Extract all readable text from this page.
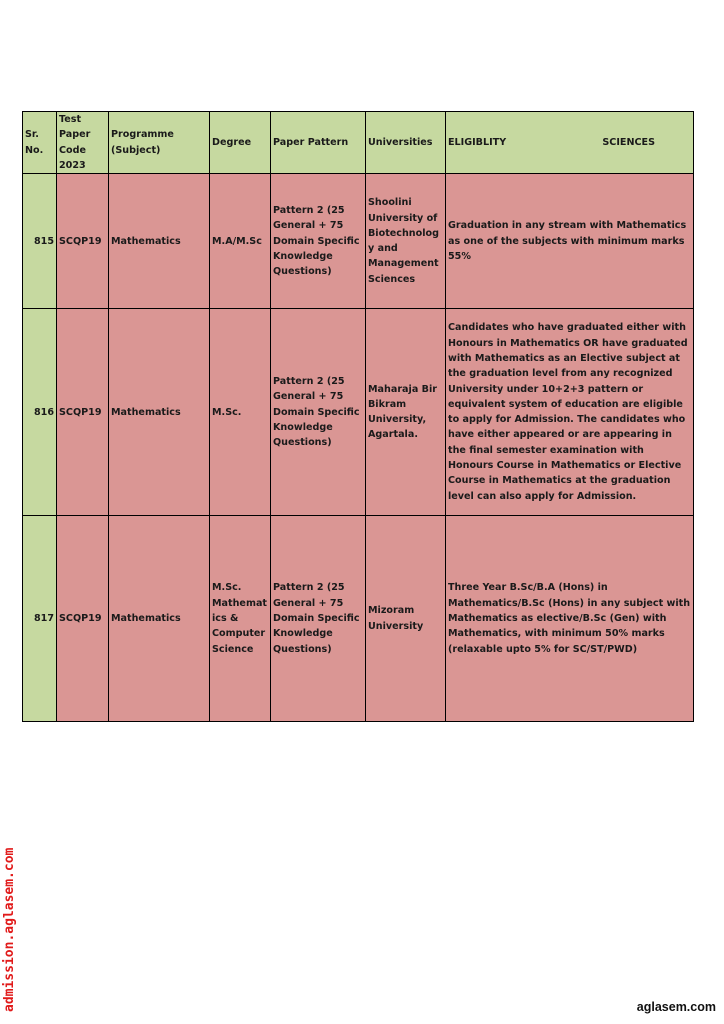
Sr. No.	Test Paper Code 2023	Programme (Subject)	Degree	Paper Pattern	Universities	ELIGIBLITY SCIENCES

815	SCQP19	Mathematics	M.A/M.Sc	Pattern 2 (25 General + 75 Domain Specific Knowledge Questions)	Shoolini University of Biotechnology and Management Sciences	Graduation in any stream with Mathematics as one of the subjects with minimum marks 55%
816	SCQP19	Mathematics	M.Sc.	Pattern 2 (25 General + 75 Domain Specific Knowledge Questions)	Maharaja Bir Bikram University, Agartala.	Candidates who have graduated either with Honours in Mathematics OR have graduated with Mathematics as an Elective subject at the graduation level from any recognized University under 10+2+3 pattern or equivalent system of education are eligible to apply for Admission. The candidates who have either appeared or are appearing in the final semester examination with Honours Course in Mathematics or Elective Course in Mathematics at the graduation level can also apply for Admission.
817	SCQP19	Mathematics	M.Sc. Mathematics & Computer Science	Pattern 2 (25 General + 75 Domain Specific Knowledge Questions)	Mizoram University	Three Year B.Sc/B.A (Hons) in Mathematics/B.Sc (Hons) in any subject with Mathematics as elective/B.Sc (Gen) with Mathematics, with minimum 50% marks (relaxable upto 5% for SC/ST/PWD)
admission.aglasem.com	aglasem.com
